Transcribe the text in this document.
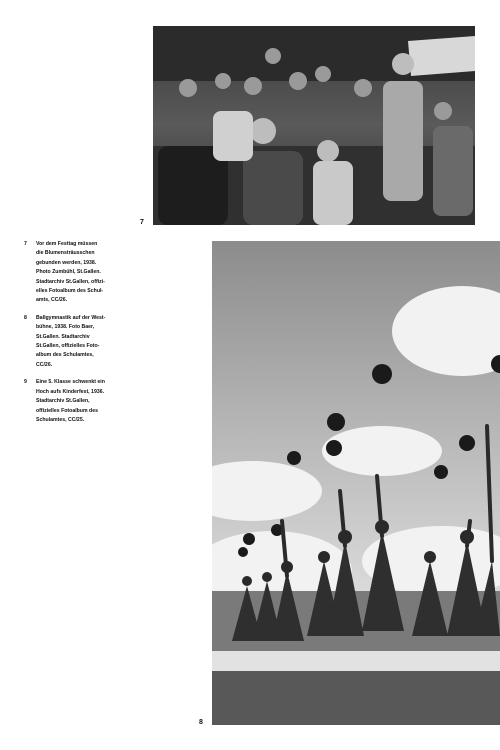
7
7	Vor dem Festtag müssen
die Blumensträusschen
gebunden werden, 1938.
Photo Zumbühl, St.Gallen.
Stadtarchiv St.Gallen, offizi-
elles Fotoalbum des Schul-
amts, CC/26.
8	Ballgymnastik auf der West-
bühne, 1938. Foto Baer,
St.Gallen. Stadtarchiv
St.Gallen, offizielles Foto-
album des Schulamtes,
CC/26.
9	Eine 5. Klasse schwenkt ein
Hoch aufs Kinderfest, 1936.
Stadtarchiv St.Gallen,
offizielles Fotoalbum des
Schulamtes, CC/25.
8
